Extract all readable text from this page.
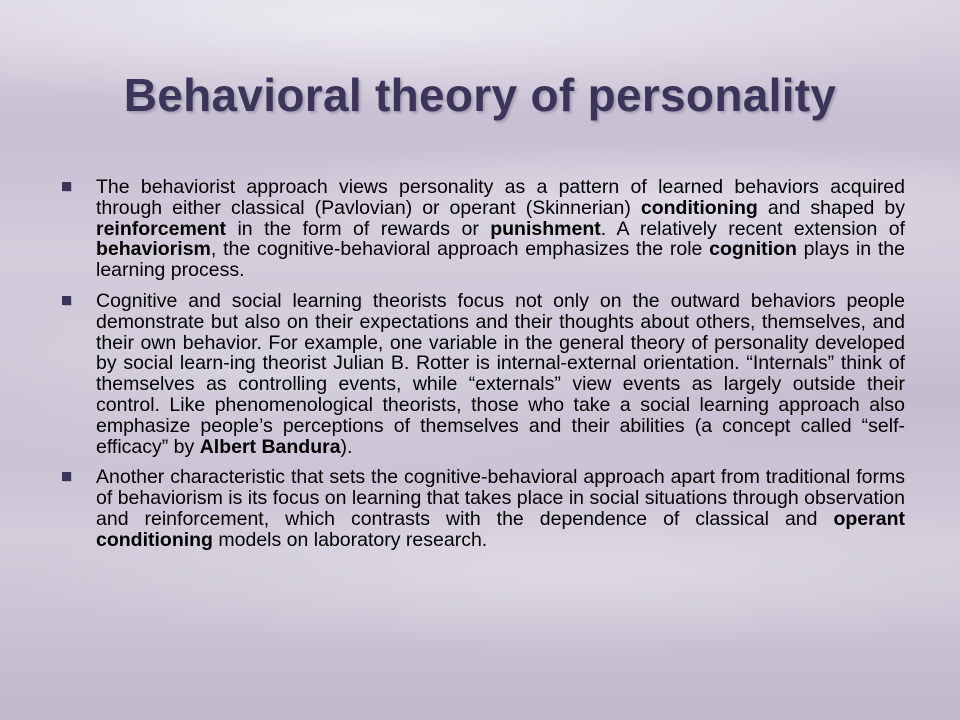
Behavioral theory of personality
The behaviorist approach views personality as a pattern of learned behaviors acquired through either classical (Pavlovian) or operant (Skinnerian) conditioning and shaped by reinforcement in the form of rewards or punishment. A relatively recent extension of behaviorism, the cognitive-behavioral approach emphasizes the role cognition plays in the learning process.
Cognitive and social learning theorists focus not only on the outward behaviors people demonstrate but also on their expectations and their thoughts about others, themselves, and their own behavior. For example, one variable in the general theory of personality developed by social learn-ing theorist Julian B. Rotter is internal-external orientation. “Internals” think of themselves as controlling events, while “externals” view events as largely outside their control. Like phenomenological theorists, those who take a social learning approach also emphasize people’s perceptions of themselves and their abilities (a concept called “self-efficacy” by Albert Bandura).
Another characteristic that sets the cognitive-behavioral approach apart from traditional forms of behaviorism is its focus on learning that takes place in social situations through observation and reinforcement, which contrasts with the dependence of classical and operant conditioning models on laboratory research.
